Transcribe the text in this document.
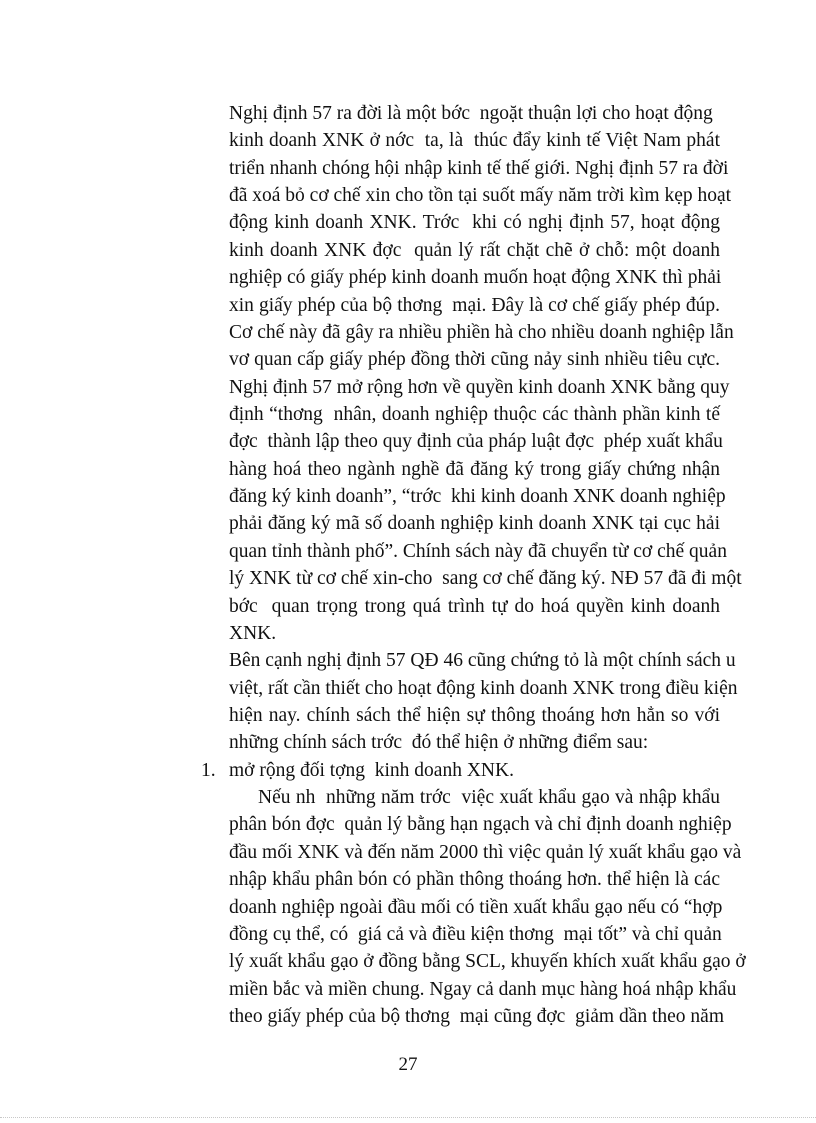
Nghị định 57 ra đời là một bớc  ngoặt thuận lợi cho hoạt động
kinh doanh XNK ở nớc  ta, là  thúc đẩy kinh tế Việt Nam phát
triển nhanh chóng hội nhập kinh tế thế giới. Nghị định 57 ra đời
đã xoá bỏ cơ chế xin cho tồn tại suốt mấy năm trời kìm kẹp hoạt
động kinh doanh XNK. Trớc  khi có nghị định 57, hoạt động
kinh doanh XNK đợc  quản lý rất chặt chẽ ở chỗ: một doanh
nghiệp có giấy phép kinh doanh muốn hoạt động XNK thì phải
xin giấy phép của bộ thơng  mại. Đây là cơ chế giấy phép đúp.
Cơ chế này đã gây ra nhiều phiền hà cho nhiều doanh nghiệp lẫn
vơ quan cấp giấy phép đồng thời cũng nảy sinh nhiều tiêu cực.
Nghị định 57 mở rộng hơn về quyền kinh doanh XNK bằng quy
định “thơng  nhân, doanh nghiệp thuộc các thành phần kinh tế
đợc  thành lập theo quy định của pháp luật đợc  phép xuất khẩu
hàng hoá theo ngành nghề đã đăng ký trong giấy chứng nhận
đăng ký kinh doanh”, “trớc  khi kinh doanh XNK doanh nghiệp
phải đăng ký mã số doanh nghiệp kinh doanh XNK tại cục hải
quan tỉnh thành phố”. Chính sách này đã chuyển từ cơ chế quản
lý XNK từ cơ chế xin-cho  sang cơ chế đăng ký. NĐ 57 đã đi một
bớc  quan trọng trong quá trình tự do hoá quyền kinh doanh
XNK.
Bên cạnh nghị định 57 QĐ 46 cũng chứng tỏ là một chính sách u
việt, rất cần thiết cho hoạt động kinh doanh XNK trong điều kiện
hiện nay. chính sách thể hiện sự thông thoáng hơn hẳn so với
những chính sách trớc  đó thể hiện ở những điểm sau:
1. mở rộng đối tợng  kinh doanh XNK.
Nếu nh  những năm trớc  việc xuất khẩu gạo và nhập khẩu
phân bón đợc  quản lý bằng hạn ngạch và chỉ định doanh nghiệp
đầu mối XNK và đến năm 2000 thì việc quản lý xuất khẩu gạo và
nhập khẩu phân bón có phần thông thoáng hơn. thể hiện là các
doanh nghiệp ngoài đầu mối có tiền xuất khẩu gạo nếu có “hợp
đồng cụ thể, có  giá cả và điều kiện thơng  mại tốt” và chỉ quản
lý xuất khẩu gạo ở đồng bằng SCL, khuyến khích xuất khẩu gạo ở
miền bắc và miền chung. Ngay cả danh mục hàng hoá nhập khẩu
theo giấy phép của bộ thơng  mại cũng đợc  giảm dần theo năm
27
